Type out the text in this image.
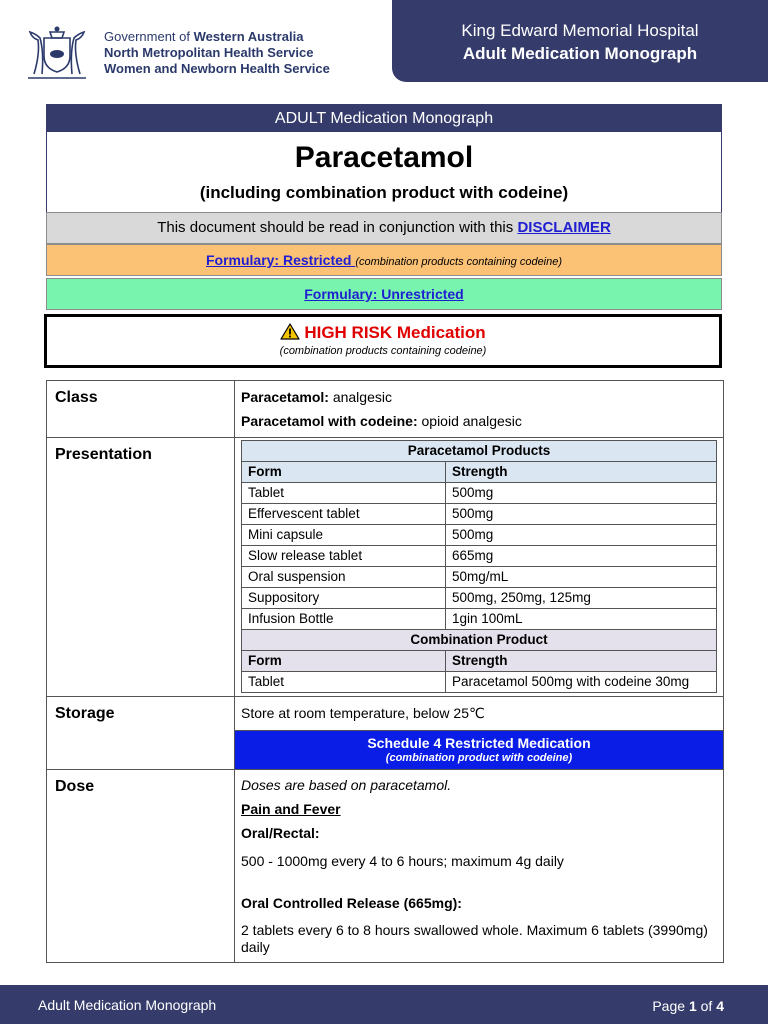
Government of Western Australia
North Metropolitan Health Service
Women and Newborn Health Service
King Edward Memorial Hospital
Adult Medication Monograph
ADULT Medication Monograph
Paracetamol
(including combination product with codeine)
This document should be read in conjunction with this DISCLAIMER
Formulary: Restricted (combination products containing codeine)
Formulary: Unrestricted
HIGH RISK Medication
(combination products containing codeine)
Class	Paracetamol: analgesic
Paracetamol with codeine: opioid analgesic

Presentation		Paracetamol Products
Form	Strength
Tablet	500mg
Effervescent tablet	500mg
Mini capsule	500mg
Slow release tablet	665mg
Oral suspension	50mg/mL
Suppository	500mg, 250mg, 125mg
Infusion Bottle	1gin 100mL
Combination Product
Form	Strength
Tablet	Paracetamol 500mg with codeine 30mg

Storage	Store at room temperature, below 25℃

Schedule 4 Restricted Medication
(combination product with codeine)

Dose	Doses are based on paracetamol.
Pain and Fever
Oral/Rectal:
500 - 1000mg every 4 to 6 hours; maximum 4g daily
Oral Controlled Release (665mg):
2 tablets every 6 to 8 hours swallowed whole. Maximum 6 tablets (3990mg) daily
Adult Medication Monograph	Page 1 of 4
